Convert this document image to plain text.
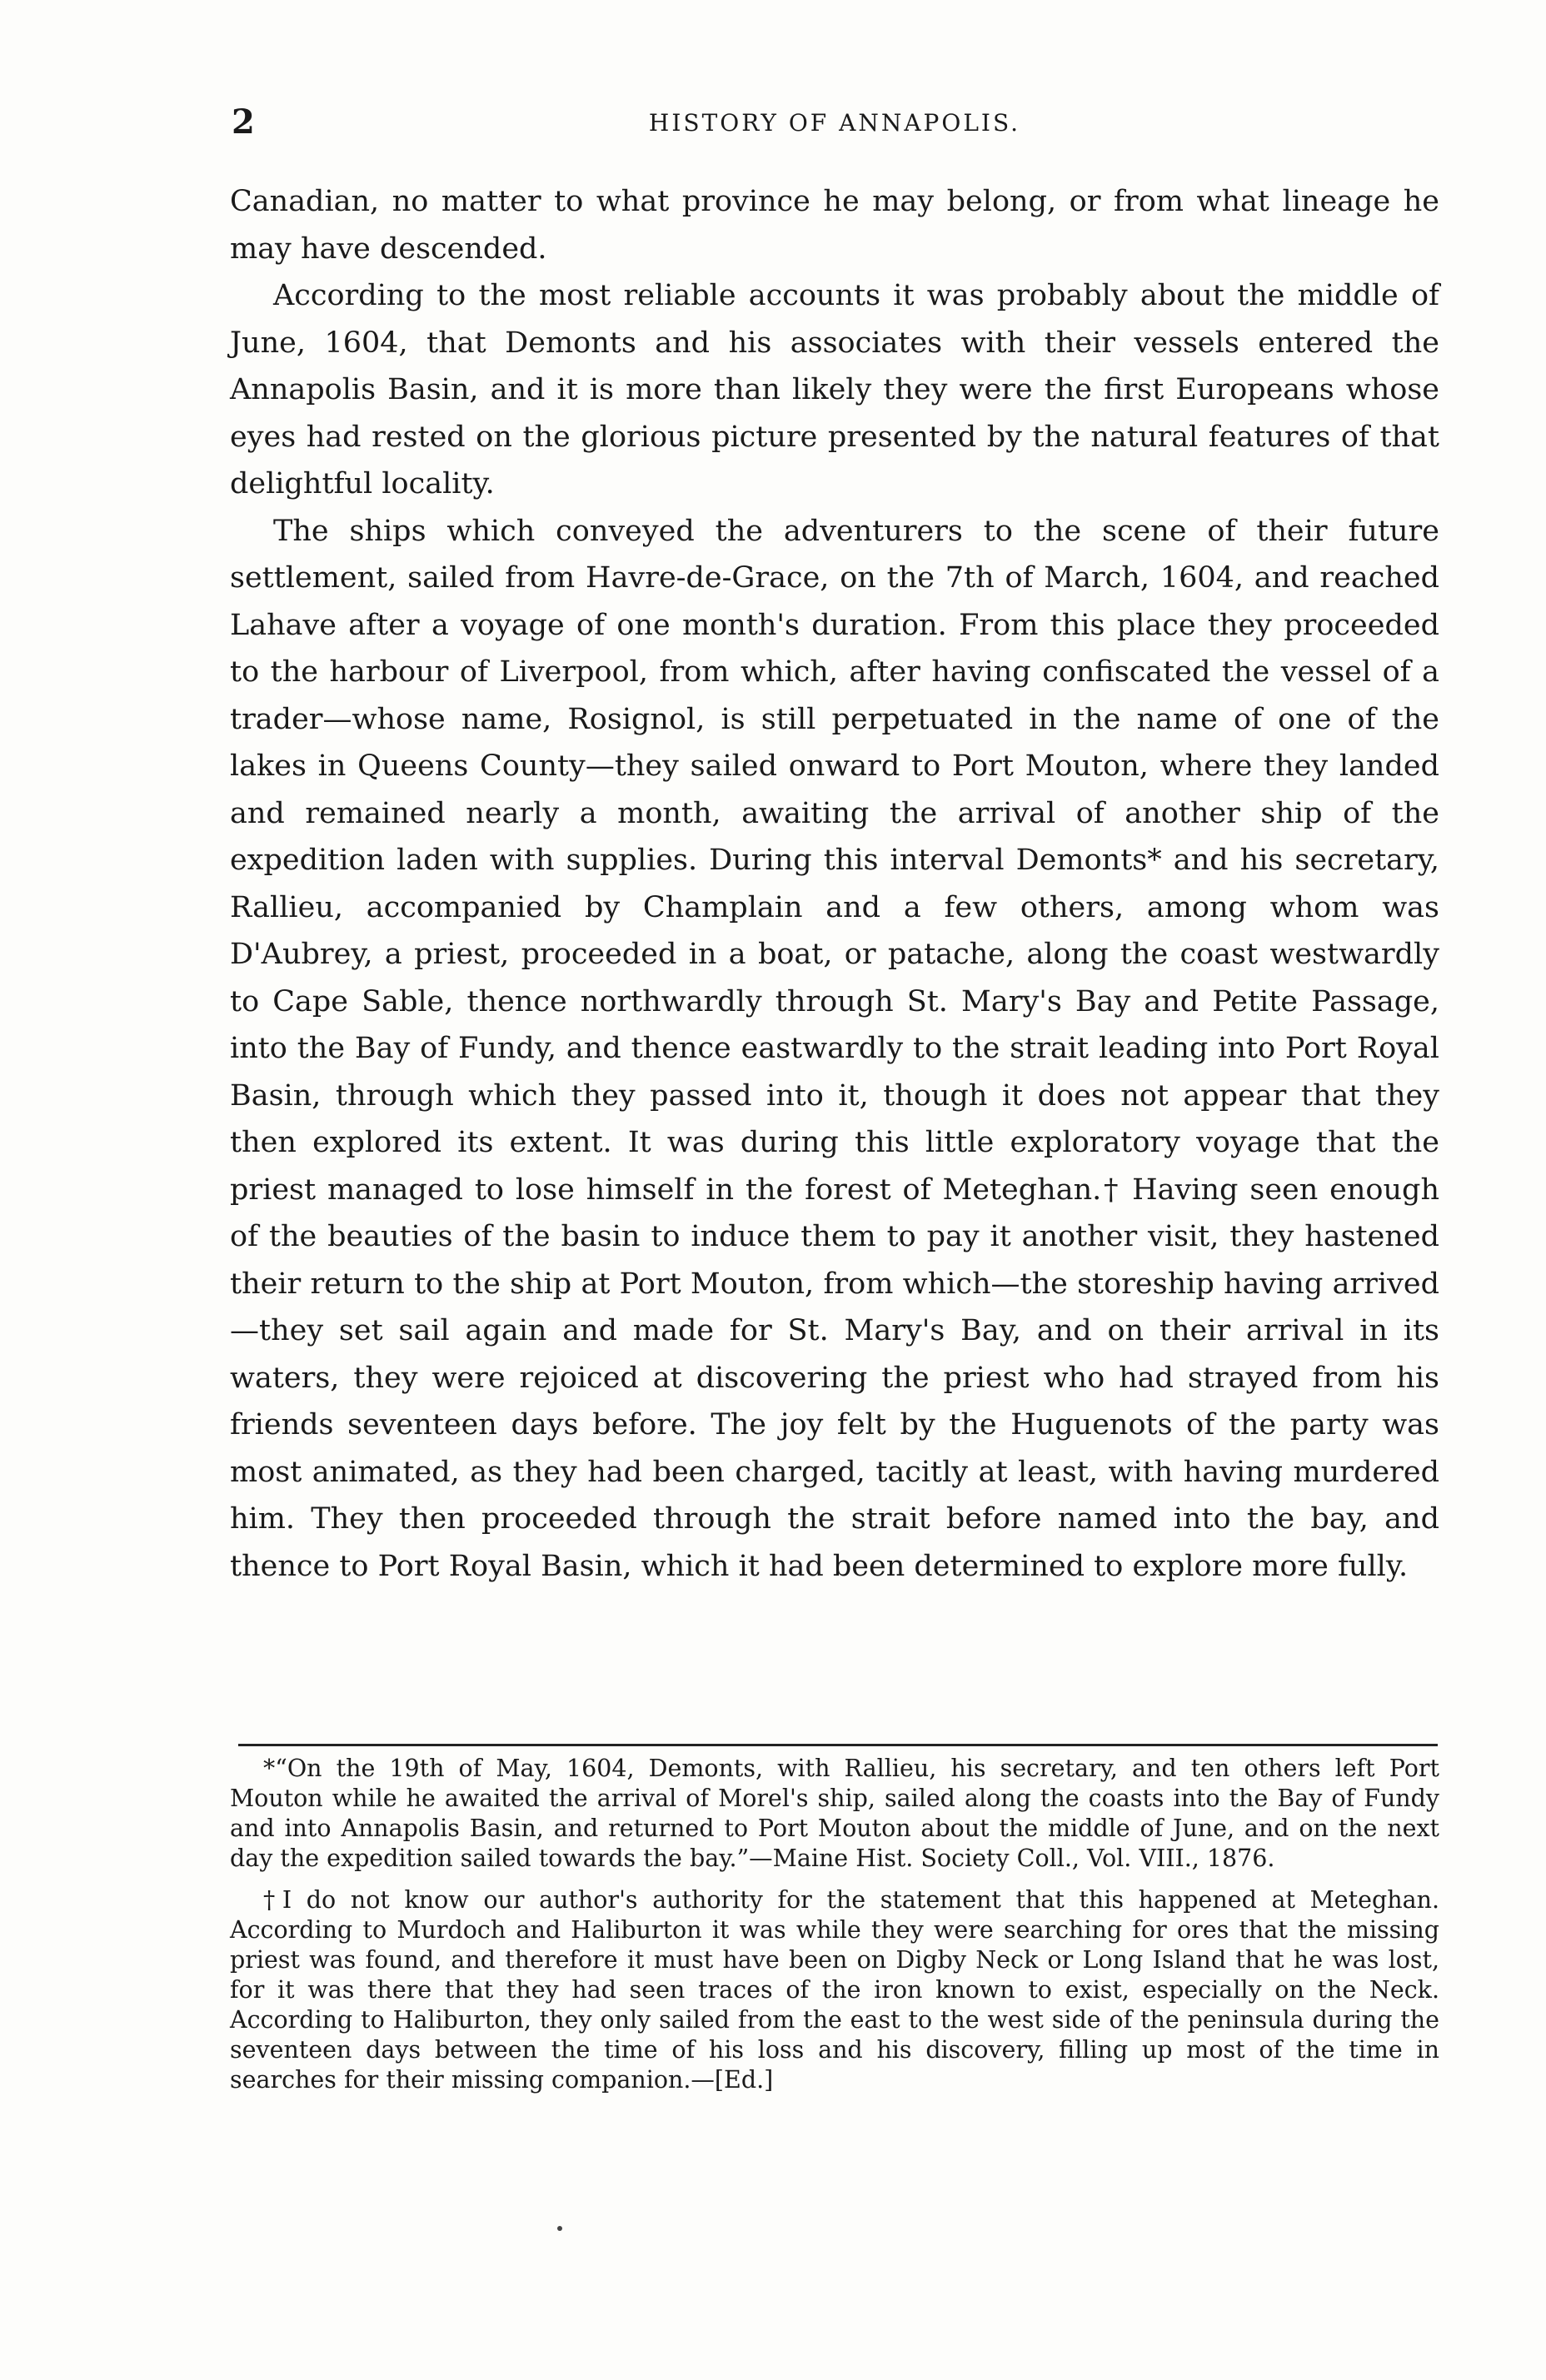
2	HISTORY OF ANNAPOLIS.

Canadian, no matter to what province he may belong, or from what lineage he may have descended.

According to the most reliable accounts it was probably about the middle of June, 1604, that Demonts and his associates with their vessels entered the Annapolis Basin, and it is more than likely they were the first Europeans whose eyes had rested on the glorious picture presented by the natural features of that delightful locality.

The ships which conveyed the adventurers to the scene of their future settlement, sailed from Havre-de-Grace, on the 7th of March, 1604, and reached Lahave after a voyage of one month's duration. From this place they proceeded to the harbour of Liverpool, from which, after having confiscated the vessel of a trader—whose name, Rosignol, is still perpetuated in the name of one of the lakes in Queens County—they sailed onward to Port Mouton, where they landed and remained nearly a month, awaiting the arrival of another ship of the expedition laden with supplies. During this interval Demonts* and his secretary, Rallieu, accompanied by Champlain and a few others, among whom was D'Aubrey, a priest, proceeded in a boat, or patache, along the coast westwardly to Cape Sable, thence northwardly through St. Mary's Bay and Petite Passage, into the Bay of Fundy, and thence eastwardly to the strait leading into Port Royal Basin, through which they passed into it, though it does not appear that they then explored its extent. It was during this little exploratory voyage that the priest managed to lose himself in the forest of Meteghan.† Having seen enough of the beauties of the basin to induce them to pay it another visit, they hastened their return to the ship at Port Mouton, from which—the storeship having arrived—they set sail again and made for St. Mary's Bay, and on their arrival in its waters, they were rejoiced at discovering the priest who had strayed from his friends seventeen days before. The joy felt by the Huguenots of the party was most animated, as they had been charged, tacitly at least, with having murdered him. They then proceeded through the strait before named into the bay, and thence to Port Royal Basin, which it had been determined to explore more fully.

*“On the 19th of May, 1604, Demonts, with Rallieu, his secretary, and ten others left Port Mouton while he awaited the arrival of Morel's ship, sailed along the coasts into the Bay of Fundy and into Annapolis Basin, and returned to Port Mouton about the middle of June, and on the next day the expedition sailed towards the bay.”—Maine Hist. Society Coll., Vol. VIII., 1876.

†I do not know our author's authority for the statement that this happened at Meteghan. According to Murdoch and Haliburton it was while they were searching for ores that the missing priest was found, and therefore it must have been on Digby Neck or Long Island that he was lost, for it was there that they had seen traces of the iron known to exist, especially on the Neck. According to Haliburton, they only sailed from the east to the west side of the peninsula during the seventeen days between the time of his loss and his discovery, filling up most of the time in searches for their missing companion.—[Ed.]
